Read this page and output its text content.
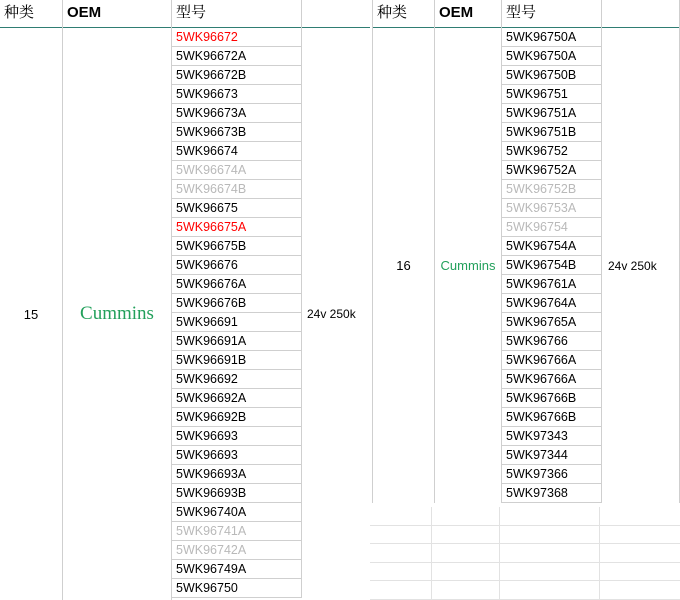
种类
15
OEM
Cummins
型号
5WK96672
5WK96672A
5WK96672B
5WK96673
5WK96673A
5WK96673B
5WK96674
5WK96674A
5WK96674B
5WK96675
5WK96675A
5WK96675B
5WK96676
5WK96676A
5WK96676B
5WK96691
5WK96691A
5WK96691B
5WK96692
5WK96692A
5WK96692B
5WK96693
5WK96693
5WK96693A
5WK96693B
5WK96740A
5WK96741A
5WK96742A
5WK96749A
5WK96750
24v 250k
种类
16
OEM
Cummins
型号
5WK96750A
5WK96750A
5WK96750B
5WK96751
5WK96751A
5WK96751B
5WK96752
5WK96752A
5WK96752B
5WK96753A
5WK96754
5WK96754A
5WK96754B
5WK96761A
5WK96764A
5WK96765A
5WK96766
5WK96766A
5WK96766A
5WK96766B
5WK96766B
5WK97343
5WK97344
5WK97366
5WK97368
24v 250k
